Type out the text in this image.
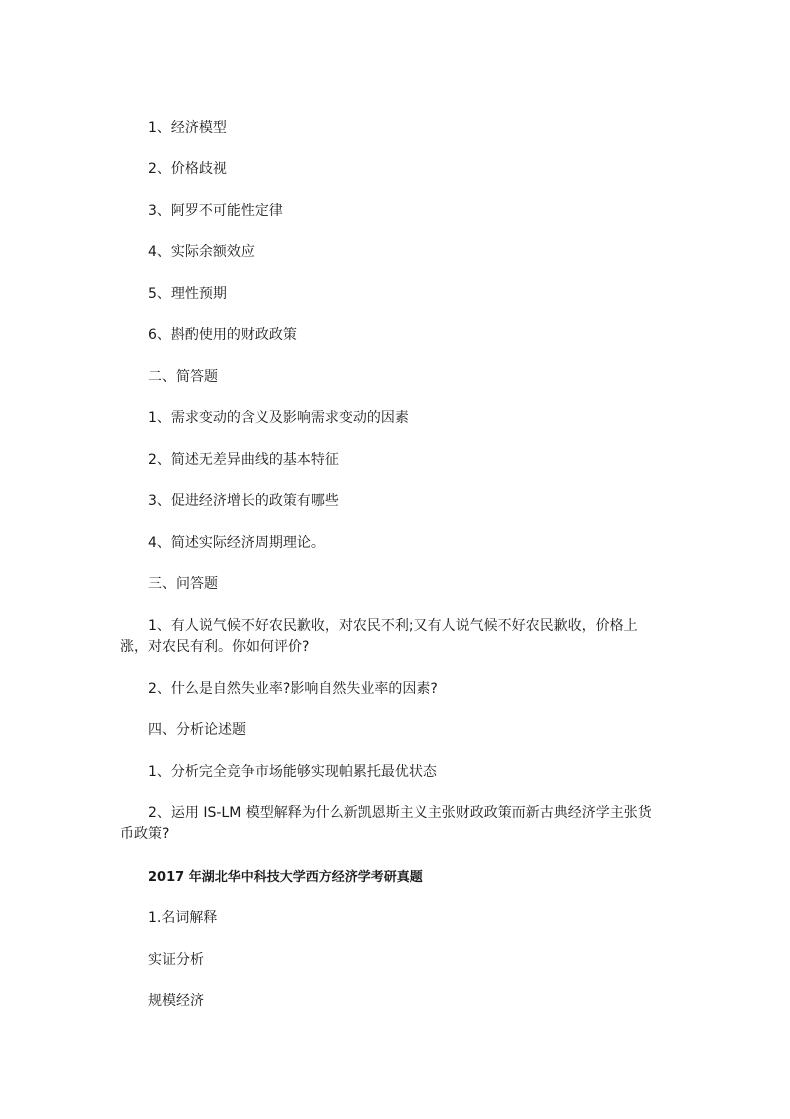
1、经济模型
2、价格歧视
3、阿罗不可能性定律
4、实际余额效应
5、理性预期
6、斟酌使用的财政政策
二、简答题
1、需求变动的含义及影响需求变动的因素
2、简述无差异曲线的基本特征
3、促进经济增长的政策有哪些
4、简述实际经济周期理论。
三、问答题
1、有人说气候不好农民歉收，对农民不利;又有人说气候不好农民歉收，价格上涨，对农民有利。你如何评价?
2、什么是自然失业率?影响自然失业率的因素?
四、分析论述题
1、分析完全竞争市场能够实现帕累托最优状态
2、运用 IS-LM 模型解释为什么新凯恩斯主义主张财政政策而新古典经济学主张货币政策?
2017 年湖北华中科技大学西方经济学考研真题
1.名词解释
实证分析
规模经济
